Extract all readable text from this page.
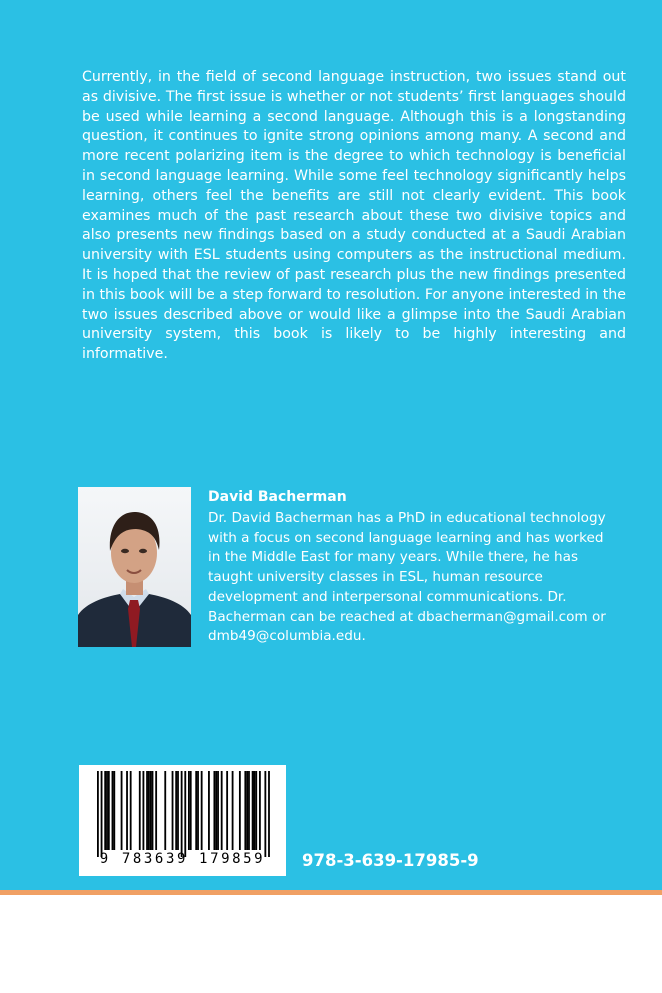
Currently, in the field of second language instruction, two issues stand out as divisive. The first issue is whether or not students’ first languages should be used while learning a second language. Although this is a longstanding question, it continues to ignite strong opinions among many. A second and more recent polarizing item is the degree to which technology is beneficial in second language learning. While some feel technology significantly helps learning, others feel the benefits are still not clearly evident. This book examines much of the past research about these two divisive topics and also presents new findings based on a study conducted at a Saudi Arabian university with ESL students using computers as the instructional medium. It is hoped that the review of past research plus the new findings presented in this book will be a step forward to resolution. For anyone interested in the two issues described above or would like a glimpse into the Saudi Arabian university system, this book is likely to be highly interesting and informative.

David Bacherman

Dr. David Bacherman has a PhD in educational technology with a focus on second language learning and has worked in the Middle East for many years. While there, he has taught university classes in ESL, human resource development and interpersonal communications. Dr. Bacherman can be reached at dbacherman@gmail.com or dmb49@columbia.edu.

9 783639 179859	978-3-639-17985-9
